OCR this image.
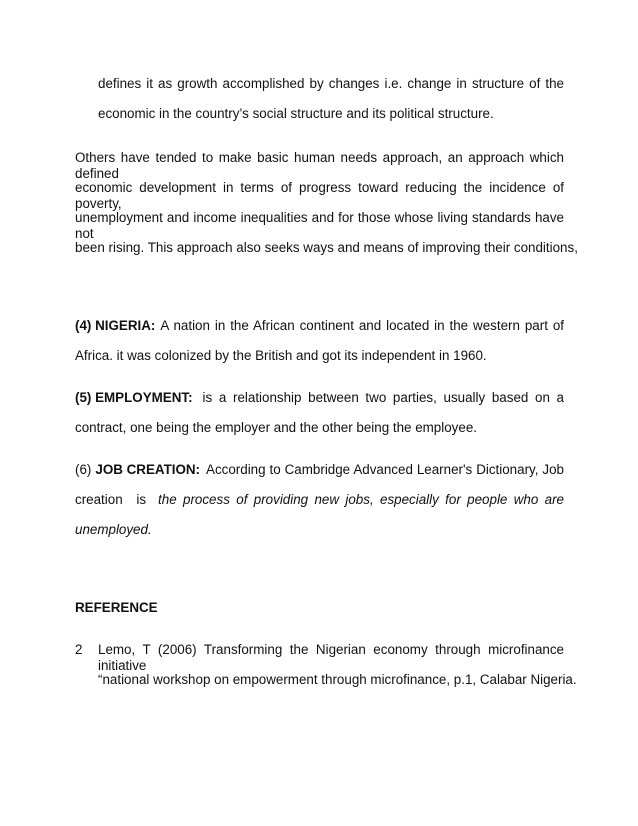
defines it as growth accomplished by changes i.e. change in structure of the
economic in the country’s social structure and its political structure.
Others have tended to make basic human needs approach, an approach which defined
economic development in terms of progress toward reducing the incidence of poverty,
unemployment and income inequalities and for those whose living standards have not
been rising. This approach also seeks ways and means of improving their conditions,
(4) NIGERIA: A nation in the African continent and located in the western part of
Africa. it was colonized by the British and got its independent in 1960.
(5) EMPLOYMENT: is a relationship between two parties, usually based on a
contract, one being the employer and the other being the employee.
(6) JOB CREATION: According to Cambridge Advanced Learner's Dictionary, Job
creation is the process of providing new jobs, especially for people who are
unemployed.
REFERENCE
2 Lemo, T (2006) Transforming the Nigerian economy through microfinance initiative
“national workshop on empowerment through microfinance, p.1, Calabar Nigeria.
